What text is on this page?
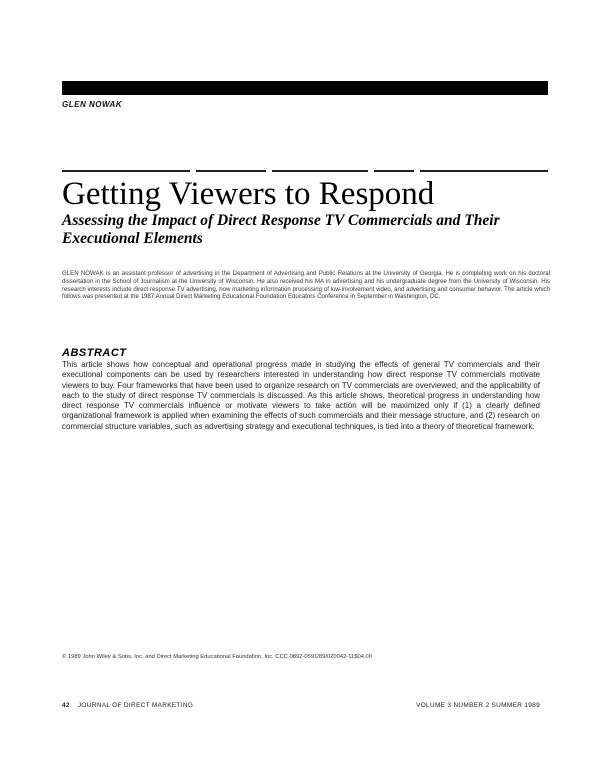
GLEN NOWAK
Getting Viewers to Respond
Assessing the Impact of Direct Response TV Commercials and Their Executional Elements

GLEN NOWAK is an assistant professor of advertising in the Department of Advertising and Public Relations at the University of Georgia. He is completing work on his doctoral dissertation in the School of Journalism at the University of Wisconsin. He also received his MA in advertising and his undergraduate degree from the University of Wisconsin. His research interests include direct response TV advertising, how marketing information processing of low-involvement video, and advertising and consumer behavior. The article which follows was presented at the 1987 Annual Direct Marketing Educational Foundation Educators Conference in September in Washington, DC.

ABSTRACT

This article shows how conceptual and operational progress made in studying the effects of general TV commercials and their executional components can be used by researchers interested in understanding how direct response TV commercials motivate viewers to buy. Four frameworks that have been used to organize research on TV commercials are overviewed, and the applicability of each to the study of direct response TV commercials is discussed. As this article shows, theoretical progress in understanding how direct response TV commercials influence or motivate viewers to take action will be maximized only if (1) a clearly defined organizational framework is applied when examining the effects of such commercials and their message structure, and (2) research on commercial structure variables, such as advertising strategy and executional techniques, is tied into a theory of theoretical framework.

© 1989 John Wiley & Sons, Inc. and Direct Marketing Educational Foundation, Inc. CCC 0892-0591/89/020042-11$04.00

42 JOURNAL OF DIRECT MARKETING	VOLUME 3 NUMBER 2 SUMMER 1989
